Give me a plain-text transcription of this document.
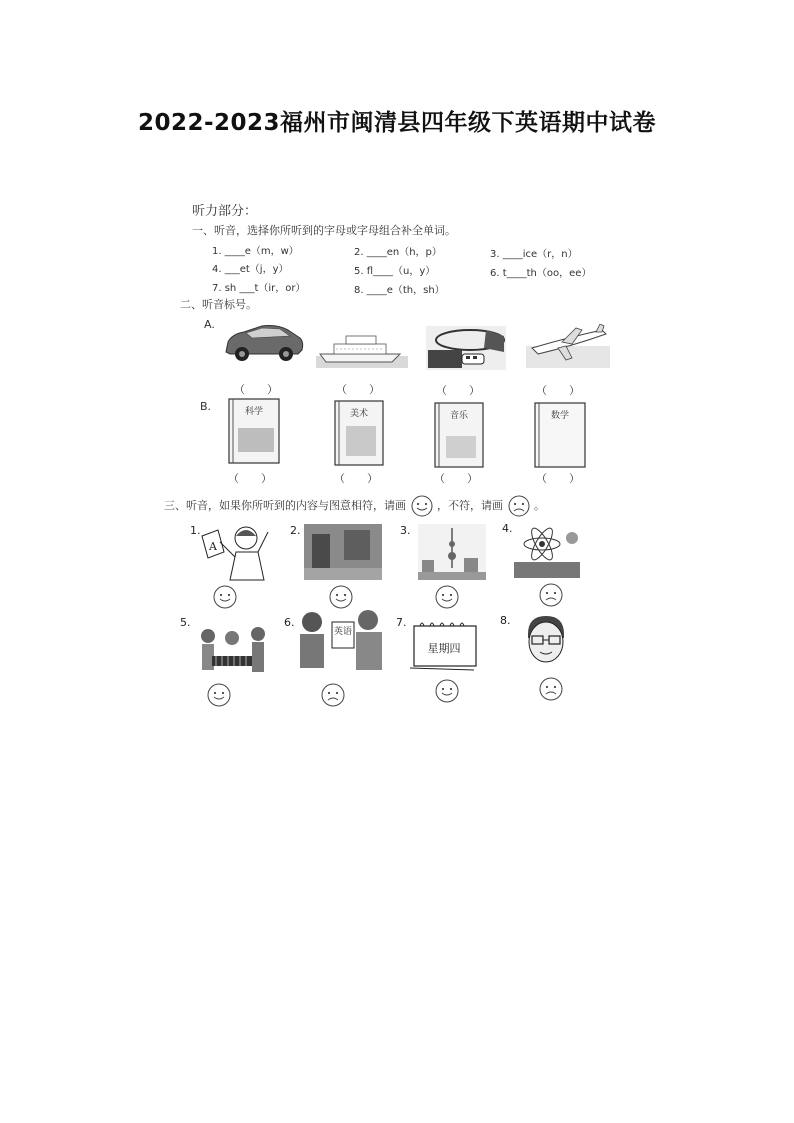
2022-2023福州市闽清县四年级下英语期中试卷
听力部分：
一、听音，选择你所听到的字母或字母组合补全单词。
1. ____e（m，w）	2. ____en（h，p）	3. ____ice（r，n）
4. ___et（j，y）	5. fl____（u，y）	6. t____th（oo，ee）
7. sh ___t（ir，or）	8. ____e（th，sh）
二、听音标号。
A.
（　　）	（　　）	（　　）	（　　）
B.	科学	美术	音乐	数学
（　　）	（　　）	（　　）	（　　）
三、听音，如果你所听到的内容与图意相符，请画	，不符，请画	。
1.
A
2.	3.	4.
5.	6.
英语
7.
星期四
8.
